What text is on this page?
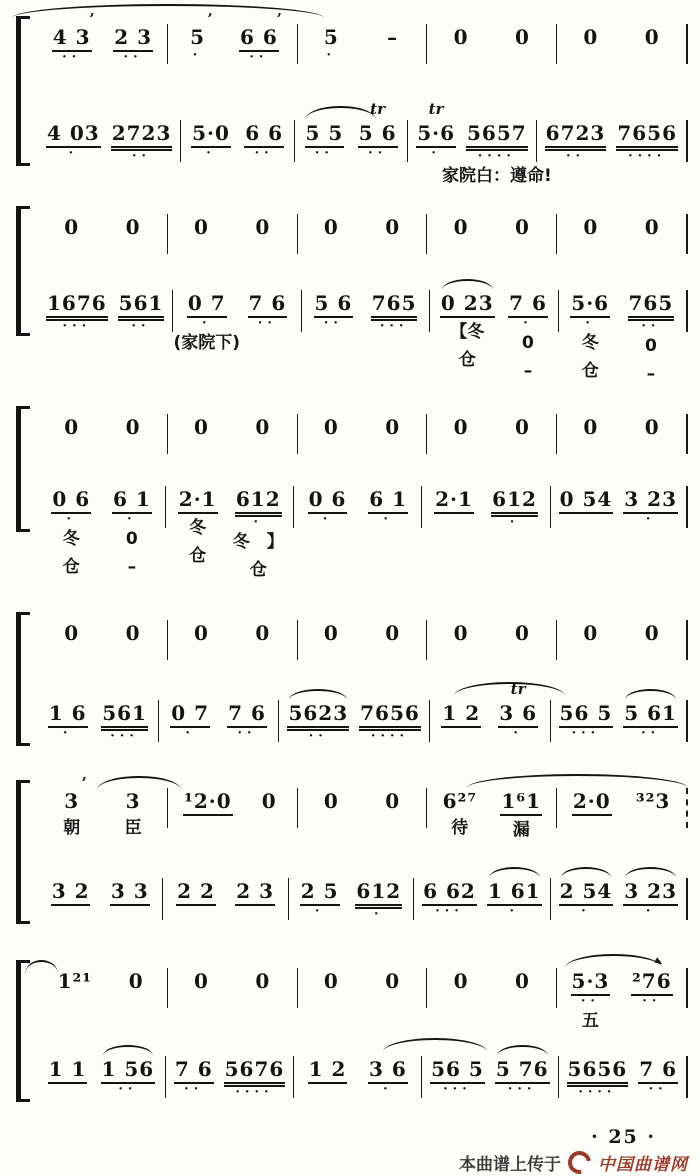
’
4 3
··
2 3
··
’
5
·
’
6 6
··
5
·
–	0 0	0 0
4 03
·
2723
··
5·0
·
6 6
··
5 5
··
tr
5 6
··
tr
5·6
·
5657
····
家院白：遵命!
6723
··
7656
····
0 0	0 0	0 0	0 0	0 0
1676
···
561
··
0 7
·
(家院下)
7 6
··
5 6
··
765
···
0 23
【冬
仓
7 6
·
0
–
5·6
·
冬
仓
765
··
0
–
0 0	0 0	0 0	0 0	0 0
0 6
·
冬
仓
6 1
·
0
–
2·1
冬
仓
612
·
冬　】
仓
0 6
·
6 1
·
2·1 612
·
0 54 3 23
·
0 0	0 0	0 0	0 0	0 0
1 6
·
561
···
0 7
·
7 6
··
5623
··
7656
····
1 2
tr
3 6
·
56 5
···
5 61
··
’
3
朝
3
臣
¹2·0 0 0 0 6²⁷
待
1⁶1
漏
2·0 ³²3
3 2 3 3 2 2 2 3 2 5
·
612
·
6 62
···
1 61
·
2 54
·
3 23
·
1²¹ 0	0 0	0 0	0 0 5·3
··
五
²76
··
1 1 1 56
··
7 6
··
5676
····
1 2 3 6
·
56 5
···
5 76
···
5656
····
7 6
··
· 25 ·
本曲谱上传于 中国曲谱网
